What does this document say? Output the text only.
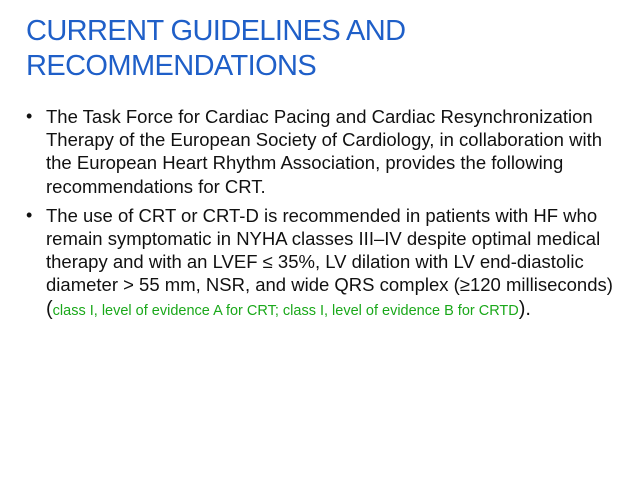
CURRENT GUIDELINES AND
RECOMMENDATIONS
• The Task Force for Cardiac Pacing and Cardiac Resynchronization Therapy of the European Society of Cardiology, in collaboration with the European Heart Rhythm Association, provides the following recommendations for CRT.
• The use of CRT or CRT-D is recommended in patients with HF who remain symptomatic in NYHA classes III–IV despite optimal medical therapy and with an LVEF ≤ 35%, LV dilation with LV end-diastolic diameter > 55 mm, NSR, and wide QRS complex (≥120 milliseconds)
(class I, level of evidence A for CRT; class I, level of evidence B for CRTD).
